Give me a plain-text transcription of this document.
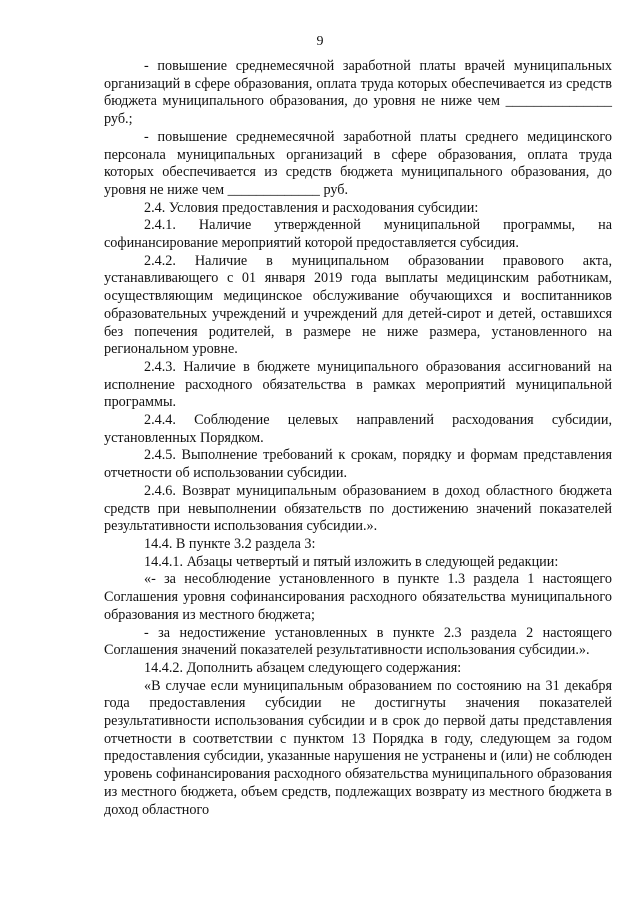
9

- повышение среднемесячной заработной платы врачей муниципальных организаций в сфере образования, оплата труда которых обеспечивается из средств бюджета муниципального образования, до уровня не ниже чем _______________ руб.;

- повышение среднемесячной заработной платы среднего медицинского персонала муниципальных организаций в сфере образования, оплата труда которых обеспечивается из средств бюджета муниципального образования, до уровня не ниже чем _____________ руб.

2.4. Условия предоставления и расходования субсидии:

2.4.1. Наличие утвержденной муниципальной программы, на софинансирование мероприятий которой предоставляется субсидия.

2.4.2. Наличие в муниципальном образовании правового акта, устанавливающего с 01 января 2019 года выплаты медицинским работникам, осуществляющим медицинское обслуживание обучающихся и воспитанников образовательных учреждений и учреждений для детей-сирот и детей, оставшихся без попечения родителей, в размере не ниже размера, установленного на региональном уровне.

2.4.3. Наличие в бюджете муниципального образования ассигнований на исполнение расходного обязательства в рамках мероприятий муниципальной программы.

2.4.4. Соблюдение целевых направлений расходования субсидии, установленных Порядком.

2.4.5. Выполнение требований к срокам, порядку и формам представления отчетности об использовании субсидии.

2.4.6. Возврат муниципальным образованием в доход областного бюджета средств при невыполнении обязательств по достижению значений показателей результативности использования субсидии.».

14.4. В пункте 3.2 раздела 3:

14.4.1. Абзацы четвертый и пятый изложить в следующей редакции:

«- за несоблюдение установленного в пункте 1.3 раздела 1 настоящего Соглашения уровня софинансирования расходного обязательства муниципального образования из местного бюджета;

- за недостижение установленных в пункте 2.3 раздела 2 настоящего Соглашения значений показателей результативности использования субсидии.».

14.4.2. Дополнить абзацем следующего содержания:

«В случае если муниципальным образованием по состоянию на 31 декабря года предоставления субсидии не достигнуты значения показателей результативности использования субсидии и в срок до первой даты представления отчетности в соответствии с пунктом 13 Порядка в году, следующем за годом предоставления субсидии, указанные нарушения не устранены и (или) не соблюден уровень софинансирования расходного обязательства муниципального образования из местного бюджета, объем средств, подлежащих возврату из местного бюджета в доход областного
